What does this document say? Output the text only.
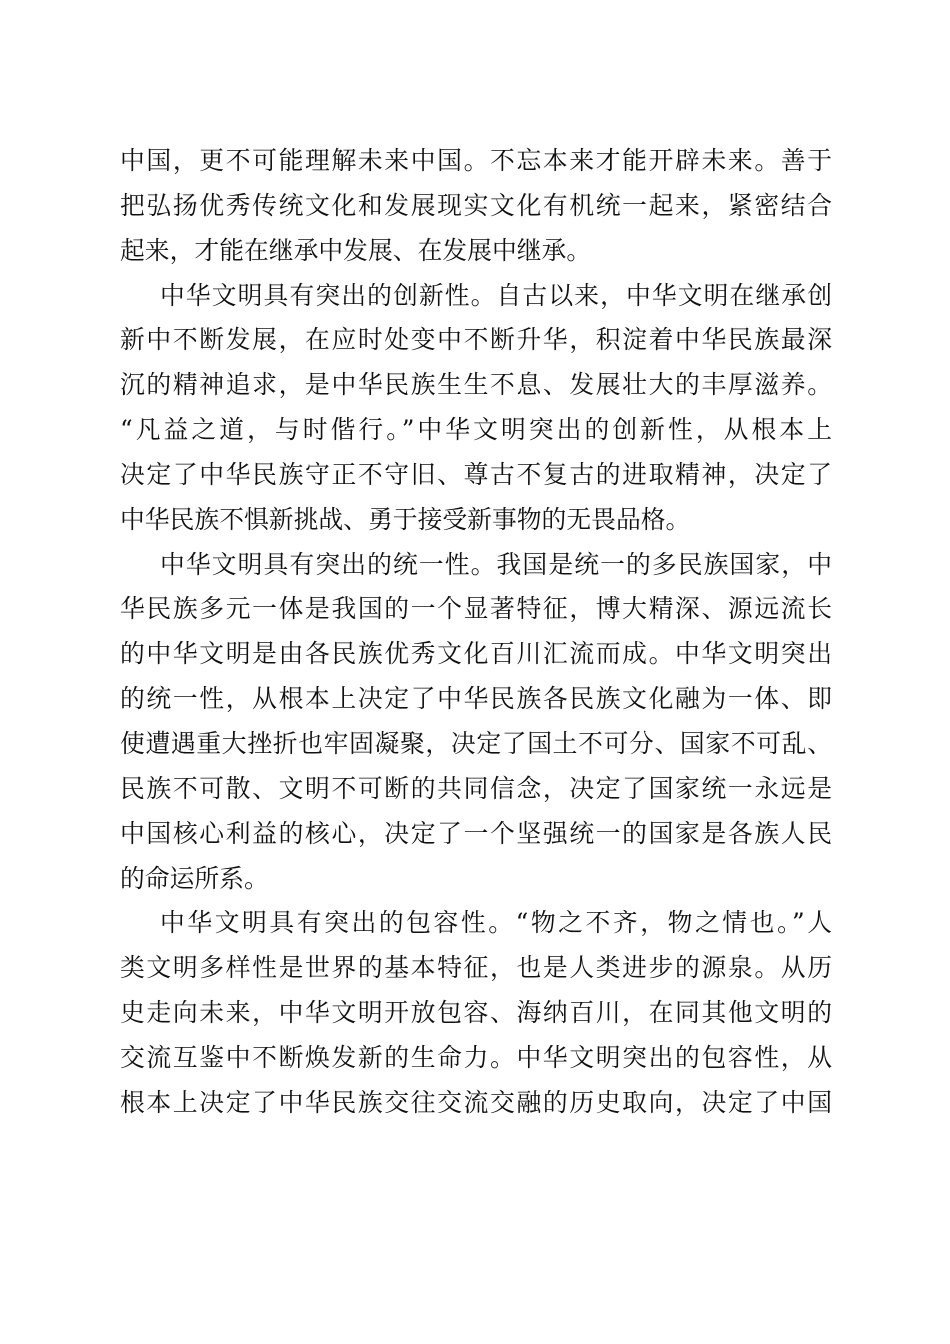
中国，更不可能理解未来中国。不忘本来才能开辟未来。善于
把弘扬优秀传统文化和发展现实文化有机统一起来，紧密结合
起来，才能在继承中发展、在发展中继承。
中华文明具有突出的创新性。自古以来，中华文明在继承创
新中不断发展，在应时处变中不断升华，积淀着中华民族最深
沉的精神追求，是中华民族生生不息、发展壮大的丰厚滋养。
“凡益之道，与时偕行。”中华文明突出的创新性，从根本上
决定了中华民族守正不守旧、尊古不复古的进取精神，决定了
中华民族不惧新挑战、勇于接受新事物的无畏品格。
中华文明具有突出的统一性。我国是统一的多民族国家，中
华民族多元一体是我国的一个显著特征，博大精深、源远流长
的中华文明是由各民族优秀文化百川汇流而成。中华文明突出
的统一性，从根本上决定了中华民族各民族文化融为一体、即
使遭遇重大挫折也牢固凝聚，决定了国土不可分、国家不可乱、
民族不可散、文明不可断的共同信念，决定了国家统一永远是
中国核心利益的核心，决定了一个坚强统一的国家是各族人民
的命运所系。
中华文明具有突出的包容性。“物之不齐，物之情也。”人
类文明多样性是世界的基本特征，也是人类进步的源泉。从历
史走向未来，中华文明开放包容、海纳百川，在同其他文明的
交流互鉴中不断焕发新的生命力。中华文明突出的包容性，从
根本上决定了中华民族交往交流交融的历史取向，决定了中国
